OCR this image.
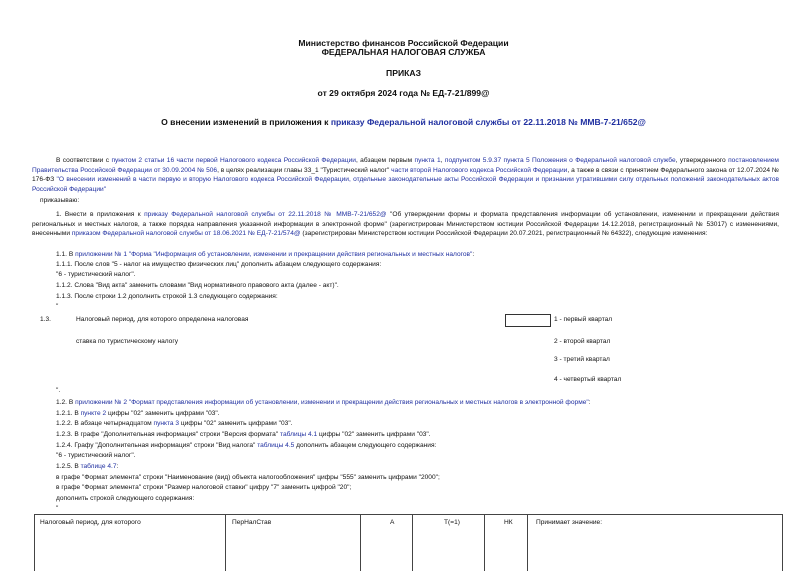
Министерство финансов Российской Федерации
ФЕДЕРАЛЬНАЯ НАЛОГОВАЯ СЛУЖБА
ПРИКАЗ
от 29 октября 2024 года № ЕД-7-21/899@
О внесении изменений в приложения к приказу Федеральной налоговой службы от 22.11.2018 № ММВ-7-21/652@
В соответствии с пунктом 2 статьи 16 части первой Налогового кодекса Российской Федерации, абзацем первым пункта 1, подпунктом 5.9.37 пункта 5 Положения о Федеральной налоговой службе, утвержденного постановлением Правительства Российской Федерации от 30.09.2004 № 506, в целях реализации главы 33_1 "Туристический налог" части второй Налогового кодекса Российской Федерации, а также в связи с принятием Федерального закона от 12.07.2024 № 176-ФЗ "О внесении изменений в части первую и вторую Налогового кодекса Российской Федерации, отдельные законодательные акты Российской Федерации и признании утратившими силу отдельных положений законодательных актов Российской Федерации"
приказываю:
1. Внести в приложения к приказу Федеральной налоговой службы от 22.11.2018 № ММВ-7-21/652@ "Об утверждении формы и формата представления информации об установлении, изменении и прекращении действия региональных и местных налогов, а также порядка направления указанной информации в электронной форме" (зарегистрирован Министерством юстиции Российской Федерации 14.12.2018, регистрационный № 53017) с изменениями, внесенными приказом Федеральной налоговой службы от 18.06.2021 № ЕД-7-21/574@ (зарегистрирован Министерством юстиции Российской Федерации 20.07.2021, регистрационный № 64322), следующие изменения:
1.1. В приложении № 1 "Форма "Информация об установлении, изменении и прекращении действия региональных и местных налогов":
1.1.1. После слов "5 - налог на имущество физических лиц" дополнить абзацем следующего содержания:
"6 - туристический налог".
1.1.2. Слова "Вид акта" заменить словами "Вид нормативного правового акта (далее - акт)".
1.1.3. После строки 1.2 дополнить строкой 1.3 следующего содержания:
"
1.3.	Налоговый период, для которого определена налоговая
ставка по туристическому налогу
1 - первый квартал
2 - второй квартал
3 - третий квартал
4 - четвертый квартал
".
1.2. В приложении № 2 "Формат представления информации об установлении, изменении и прекращении действия региональных и местных налогов в электронной форме":
1.2.1. В пункте 2 цифры "02" заменить цифрами "03".
1.2.2. В абзаце четырнадцатом пункта 3 цифры "02" заменить цифрами "03".
1.2.3. В графе "Дополнительная информация" строки "Версия формата" таблицы 4.1 цифры "02" заменить цифрами "03".
1.2.4. Графу "Дополнительная информация" строки "Вид налога" таблицы 4.5 дополнить абзацем следующего содержания:
"6 - туристический налог".
1.2.5. В таблице 4.7:
в графе "Формат элемента" строки "Наименование (вид) объекта налогообложения" цифры "555" заменить цифрами "2000";
в графе "Формат элемента" строки "Размер налоговой ставки" цифру "7" заменить цифрой "20";
дополнить строкой следующего содержания:
"
Налоговый период, для которого	ПерНалСтав	А	T(=1)	НК	Принимает значение:
